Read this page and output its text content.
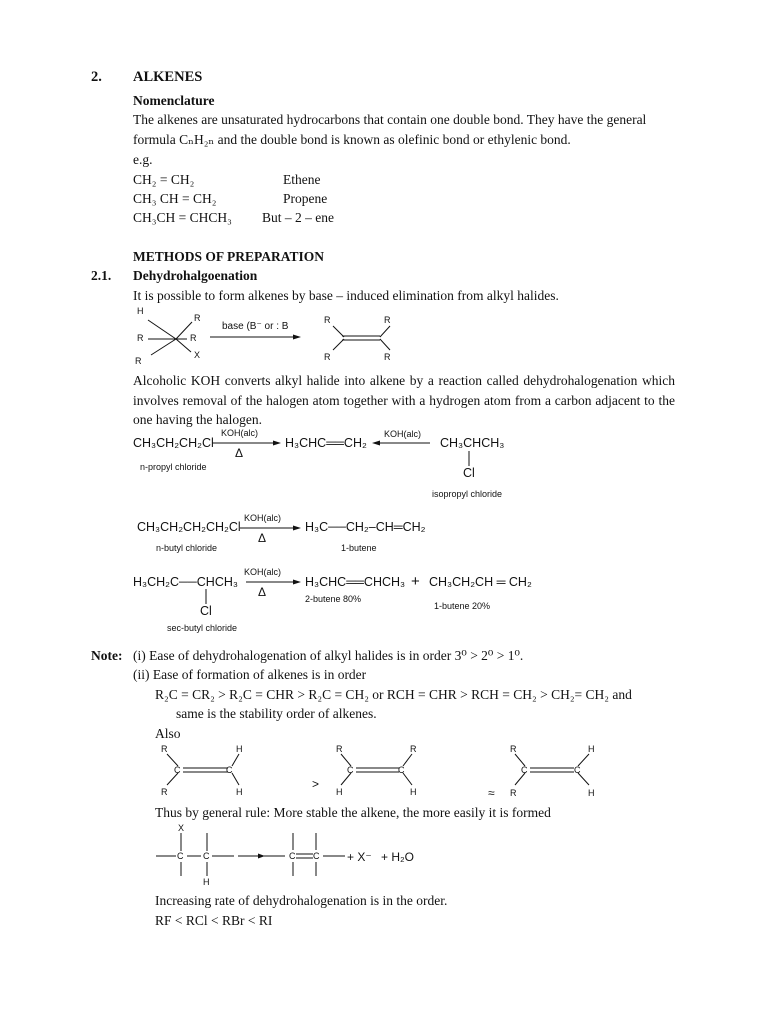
2. ALKENES
Nomenclature
The alkenes are unsaturated hydrocarbons that contain one double bond. They have the general
formula CₙH₂ₙ and the double bond is known as olefinic bond or ethylenic bond.
e.g.
CH₂ = CH₂	Ethene
CH₃ CH = CH₂	Propene
CH₃CH = CHCH₃ But – 2 – ene
METHODS OF PREPARATION
2.1. Dehydrohalgoenation
It is possible to form alkenes by base – induced elimination from alkyl halides.
H
R
R	R
X
R
base (B⁻ or : B
R	R
R	R
Alcoholic KOH converts alkyl halide into alkene by a reaction called dehydrohalogenation which involves removal of the halogen atom together with a hydrogen atom from a carbon adjacent to the one having the halogen.
CH₃CH₂CH₂Cl
KOH(alc)
Δ
H₃CHC══CH₂
KOH(alc)
CH₃CHCH₃
Cl
n-propyl chloride
isopropyl chloride
CH₃CH₂CH₂CH₂Cl
KOH(alc)
Δ
H₃C──CH₂–CH═CH₂
n-butyl chloride	1-butene
H₃CH₂C──CHCH₃
Cl
KOH(alc)
Δ
H₃CHC══CHCH₃ + CH₃CH₂CH ═ CH₂
2-butene 80%
1-butene 20%
sec-butyl chloride
Note: (i) Ease of dehydrohalogenation of alkyl halides is in order 3⁰ > 2⁰ > 1⁰.
(ii) Ease of formation of alkenes is in order
R₂C = CR₂ > R₂C = CHR > R₂C = CH₂ or RCH = CHR > RCH = CH₂ > CH₂= CH₂ and
same is the stability order of alkenes.
Also
R	H
C	C
R	H
>
R	R
C	C
H	H	≈
R	H
C	C
R	H
Thus by general rule: More stable the alkene, the more easily it is formed
X
C C
H
C C + X⁻ + H₂O
Increasing rate of dehydrohalogenation is in the order.
RF < RCl < RBr < RI
